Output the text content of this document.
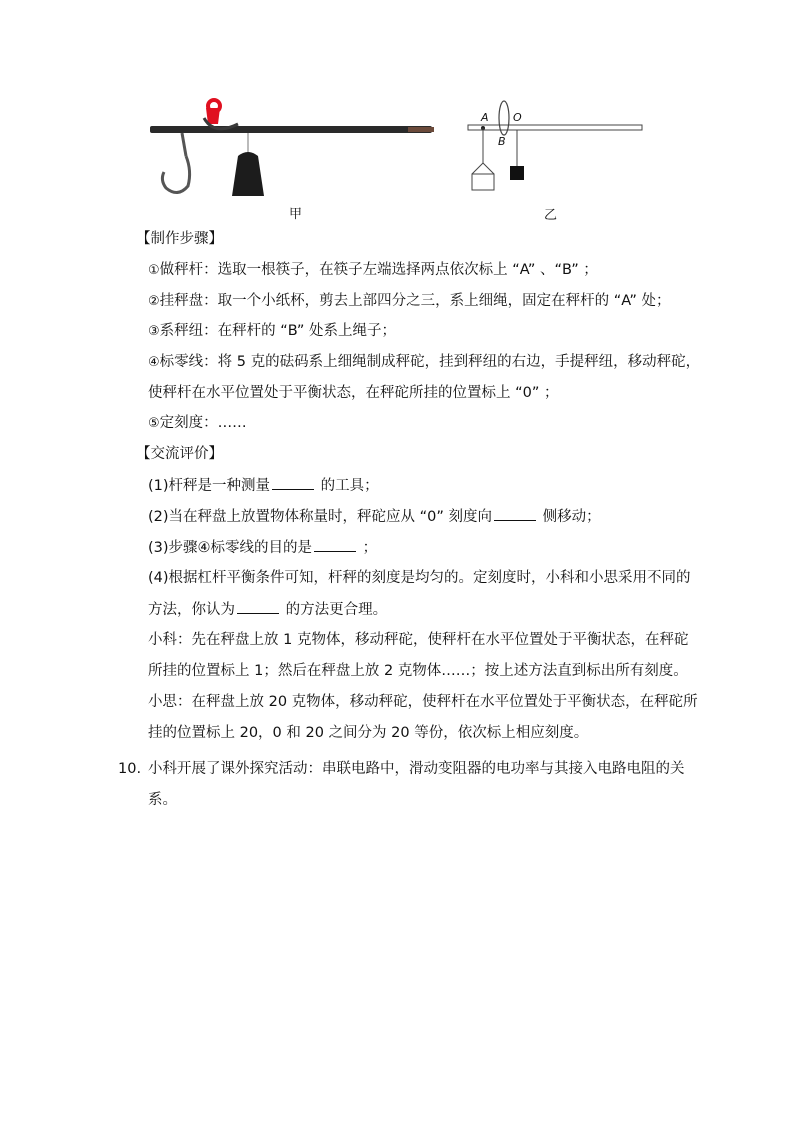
甲
A
B
O
乙
【制作步骤】
①做秤杆：选取一根筷子，在筷子左端选择两点依次标上 “A” 、“B” ；
②挂秤盘：取一个小纸杯，剪去上部四分之三，系上细绳，固定在秤杆的 “A” 处；
③系秤纽：在秤杆的 “B” 处系上绳子；
④标零线：将 5 克的砝码系上细绳制成秤砣，挂到秤纽的右边，手提秤纽，移动秤砣，
使秤杆在水平位置处于平衡状态，在秤砣所挂的位置标上 “0” ；
⑤定刻度：……
【交流评价】
(1)杆秤是一种测量	的工具；
(2)当在秤盘上放置物体称量时，秤砣应从 “0” 刻度向	侧移动；
(3)步骤④标零线的目的是	；
(4)根据杠杆平衡条件可知，杆秤的刻度是均匀的。定刻度时，小科和小思采用不同的
方法，你认为	的方法更合理。
小科：先在秤盘上放 1 克物体，移动秤砣，使秤杆在水平位置处于平衡状态，在秤砣
所挂的位置标上 1；然后在秤盘上放 2 克物体……；按上述方法直到标出所有刻度。
小思：在秤盘上放 20 克物体，移动秤砣，使秤杆在水平位置处于平衡状态，在秤砣所
挂的位置标上 20，0 和 20 之间分为 20 等份，依次标上相应刻度。
10. 小科开展了课外探究活动：串联电路中，滑动变阻器的电功率与其接入电路电阻的关
系。
